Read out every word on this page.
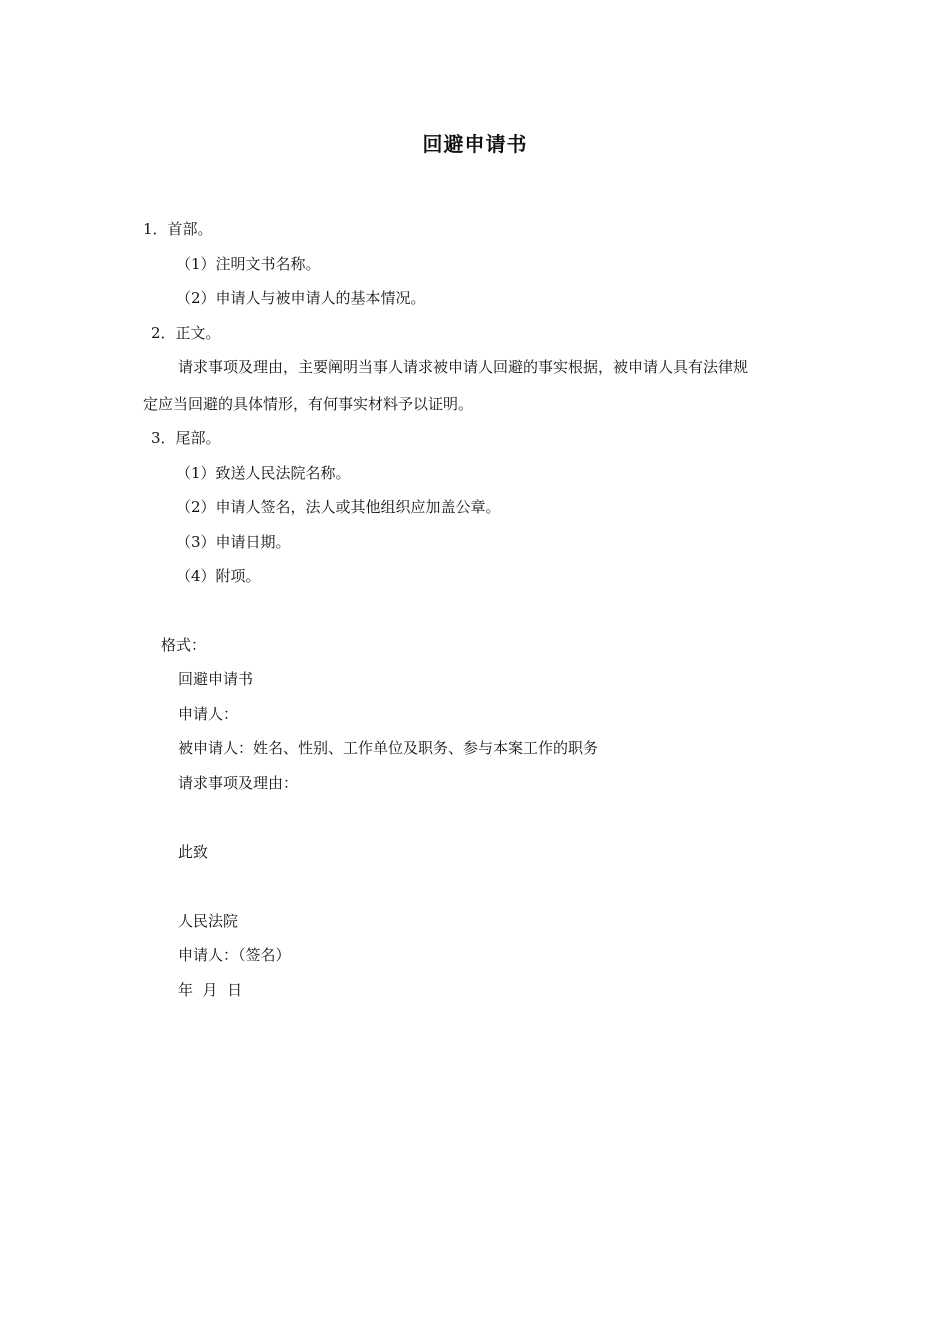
回避申请书
1．首部。
（1）注明文书名称。
（2）申请人与被申请人的基本情况。
2．正文。
请求事项及理由，主要阐明当事人请求被申请人回避的事实根据，被申请人具有法律规
定应当回避的具体情形，有何事实材料予以证明。
3．尾部。
（1）致送人民法院名称。
（2）申请人签名，法人或其他组织应加盖公章。
（3）申请日期。
（4）附项。
格式：
回避申请书
申请人：
被申请人：姓名、性别、工作单位及职务、参与本案工作的职务
请求事项及理由：
此致
人民法院
申请人：（签名）
年  月  日
